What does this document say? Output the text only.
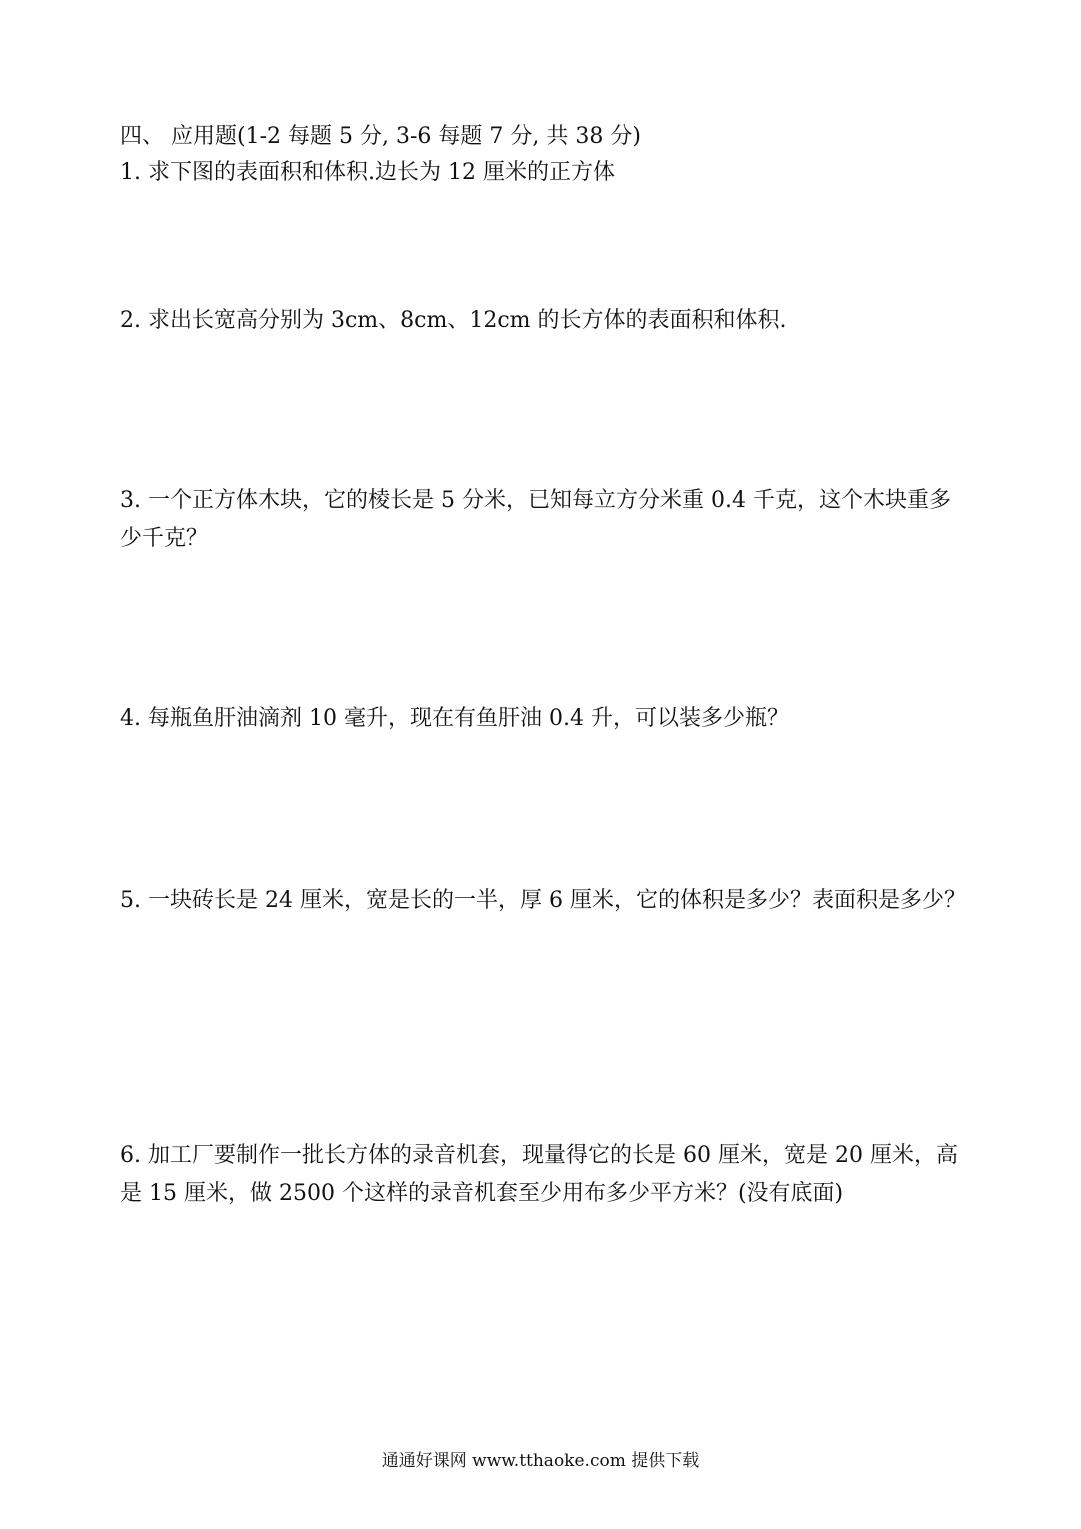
四、 应用题(1-2 每题 5 分, 3-6 每题 7 分, 共 38 分)

1. 求下图的表面积和体积.边长为 12 厘米的正方体

2. 求出长宽高分别为 3cm、8cm、12cm 的长方体的表面积和体积.

3. 一个正方体木块，它的棱长是 5 分米，已知每立方分米重 0.4 千克，这个木块重多少千克？

4. 每瓶鱼肝油滴剂 10 毫升，现在有鱼肝油 0.4 升，可以装多少瓶？

5. 一块砖长是 24 厘米，宽是长的一半，厚 6 厘米，它的体积是多少？表面积是多少？

6. 加工厂要制作一批长方体的录音机套，现量得它的长是 60 厘米，宽是 20 厘米，高是 15 厘米，做 2500 个这样的录音机套至少用布多少平方米？(没有底面)

通通好课网 www.tthaoke.com 提供下载
